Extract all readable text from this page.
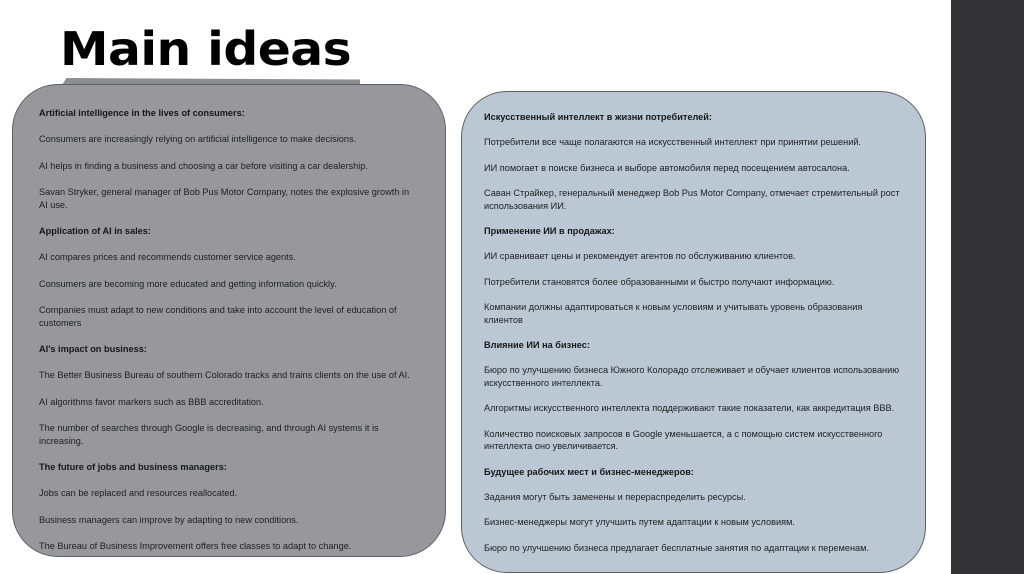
Main ideas
Artificial intelligence in the lives of consumers:
Consumers are increasingly relying on artificial intelligence to make decisions.
AI helps in finding a business and choosing a car before visiting a car dealership.
Savan Stryker, general manager of Bob Pus Motor Company, notes the explosive growth in AI use.
Application of AI in sales:
AI compares prices and recommends customer service agents.
Consumers are becoming more educated and getting information quickly.
Companies must adapt to new conditions and take into account the level of education of customers
AI's impact on business:
The Better Business Bureau of southern Colorado tracks and trains clients on the use of AI.
AI algorithms favor markers such as BBB accreditation.
The number of searches through Google is decreasing, and through AI systems it is increasing.
The future of jobs and business managers:
Jobs can be replaced and resources reallocated.
Business managers can improve by adapting to new conditions.
The Bureau of Business Improvement offers free classes to adapt to change.
Искусственный интеллект в жизни потребителей:
Потребители все чаще полагаются на искусственный интеллект при принятии решений.
ИИ помогает в поиске бизнеса и выборе автомобиля перед посещением автосалона.
Саван Страйкер, генеральный менеджер Bob Pus Motor Company, отмечает стремительный рост использования ИИ.
Применение ИИ в продажах:
ИИ сравнивает цены и рекомендует агентов по обслуживанию клиентов.
Потребители становятся более образованными и быстро получают информацию.
Компании должны адаптироваться к новым условиям и учитывать уровень образования клиентов
Влияние ИИ на бизнес:
Бюро по улучшению бизнеса Южного Колорадо отслеживает и обучает клиентов использованию искусственного интеллекта.
Алгоритмы искусственного интеллекта поддерживают такие показатели, как аккредитация BBB.
Количество поисковых запросов в Google уменьшается, а с помощью систем искусственного интеллекта оно увеличивается.
Будущее рабочих мест и бизнес-менеджеров:
Задания могут быть заменены и перераспределить ресурсы.
Бизнес-менеджеры могут улучшить путем адаптации к новым условиям.
Бюро по улучшению бизнеса предлагает бесплатные занятия по адаптации к переменам.
